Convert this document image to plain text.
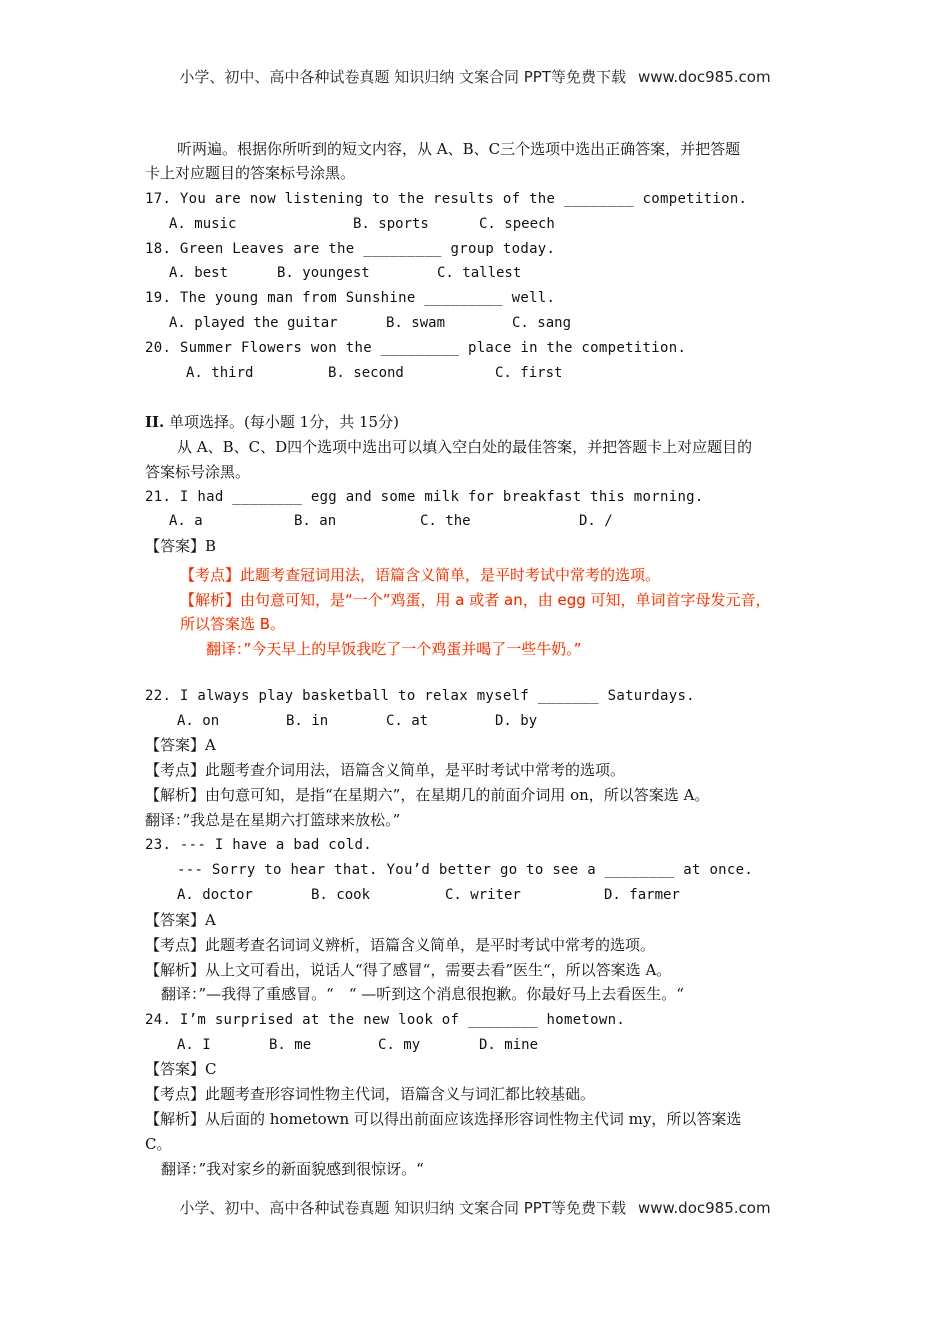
小学、初中、高中各种试卷真题 知识归纳 文案合同 PPT等免费下载 www.doc985.com
听两遍。根据你所听到的短文内容，从 A、B、C三个选项中选出正确答案，并把答题
卡上对应题目的答案标号涂黑。
17. You are now listening to the results of the ________ competition.
A. music	B. sports	C. speech
18. Green Leaves are the _________ group today.
A. best	B. youngest	C. tallest
19. The young man from Sunshine _________ well.
A. played the guitar	B. swam	C. sang
20. Summer Flowers won the _________ place in the competition.
A. third	B. second	C. first
II. 单项选择。(每小题 1分，共 15分)
从 A、B、C、D四个选项中选出可以填入空白处的最佳答案，并把答题卡上对应题目的
答案标号涂黑。
21. I had ________ egg and some milk for breakfast this morning.
A. a	B. an	C. the	D. /
【答案】B
【考点】此题考查冠词用法，语篇含义简单，是平时考试中常考的选项。
【解析】由句意可知，是“一个”鸡蛋，用 a 或者 an，由 egg 可知，单词首字母发元音，
所以答案选 B。
翻译：”今天早上的早饭我吃了一个鸡蛋并喝了一些牛奶。”
22. I always play basketball to relax myself _______ Saturdays.
A. on	B. in	C. at	D. by
【答案】A
【考点】此题考查介词用法，语篇含义简单，是平时考试中常考的选项。
【解析】由句意可知，是指“在星期六”，在星期几的前面介词用 on，所以答案选 A。
翻译：”我总是在星期六打篮球来放松。”
23. --- I have a bad cold.
--- Sorry to hear that. You’d better go to see a ________ at once.
A. doctor	B. cook	C. writer	D. farmer
【答案】A
【考点】此题考查名词词义辨析，语篇含义简单，是平时考试中常考的选项。
【解析】从上文可看出，说话人“得了感冒“，需要去看”医生“，所以答案选 A。
翻译：”—我得了重感冒。“　“ —听到这个消息很抱歉。你最好马上去看医生。“
24. I’m surprised at the new look of ________ hometown.
A. I	B. me	C. my	D. mine
【答案】C
【考点】此题考查形容词性物主代词，语篇含义与词汇都比较基础。
【解析】从后面的 hometown 可以得出前面应该选择形容词性物主代词 my，所以答案选
C。
翻译：”我对家乡的新面貌感到很惊讶。“
小学、初中、高中各种试卷真题 知识归纳 文案合同 PPT等免费下载 www.doc985.com
